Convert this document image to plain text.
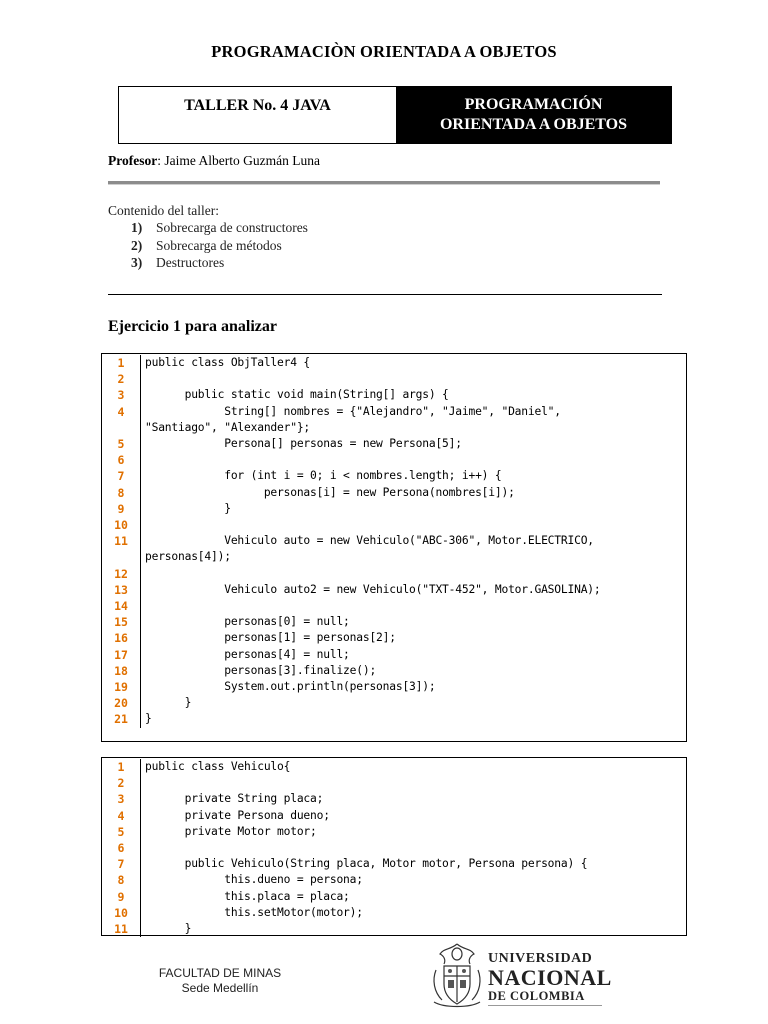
PROGRAMACIÒN ORIENTADA A OBJETOS
TALLER No. 4 JAVA	PROGRAMACIÓN
ORIENTADA A OBJETOS
Profesor: Jaime Alberto Guzmán Luna
Contenido del taller:
1) Sobrecarga de constructores
2) Sobrecarga de métodos
3) Destructores
Ejercicio 1 para analizar
1	public class ObjTaller4 {
2
3	public static void main(String[] args) {
4	String[] nombres = {"Alejandro", "Jaime", "Daniel",
"Santiago", "Alexander"};
5	Persona[] personas = new Persona[5];
6
7	for (int i = 0; i < nombres.length; i++) {
8	personas[i] = new Persona(nombres[i]);
9	}
10
11	Vehiculo auto = new Vehiculo("ABC-306", Motor.ELECTRICO,
personas[4]);
12
13	Vehiculo auto2 = new Vehiculo("TXT-452", Motor.GASOLINA);
14
15	personas[0] = null;
16	personas[1] = personas[2];
17	personas[4] = null;
18	personas[3].finalize();
19	System.out.println(personas[3]);
20	}
21	}
1	public class Vehiculo{
2
3	private String placa;
4	private Persona dueno;
5	private Motor motor;
6
7	public Vehiculo(String placa, Motor motor, Persona persona) {
8	this.dueno = persona;
9	this.placa = placa;
10	this.setMotor(motor);
11	}
FACULTAD DE MINAS
Sede Medellín
UNIVERSIDAD
NACIONAL
DE COLOMBIA
